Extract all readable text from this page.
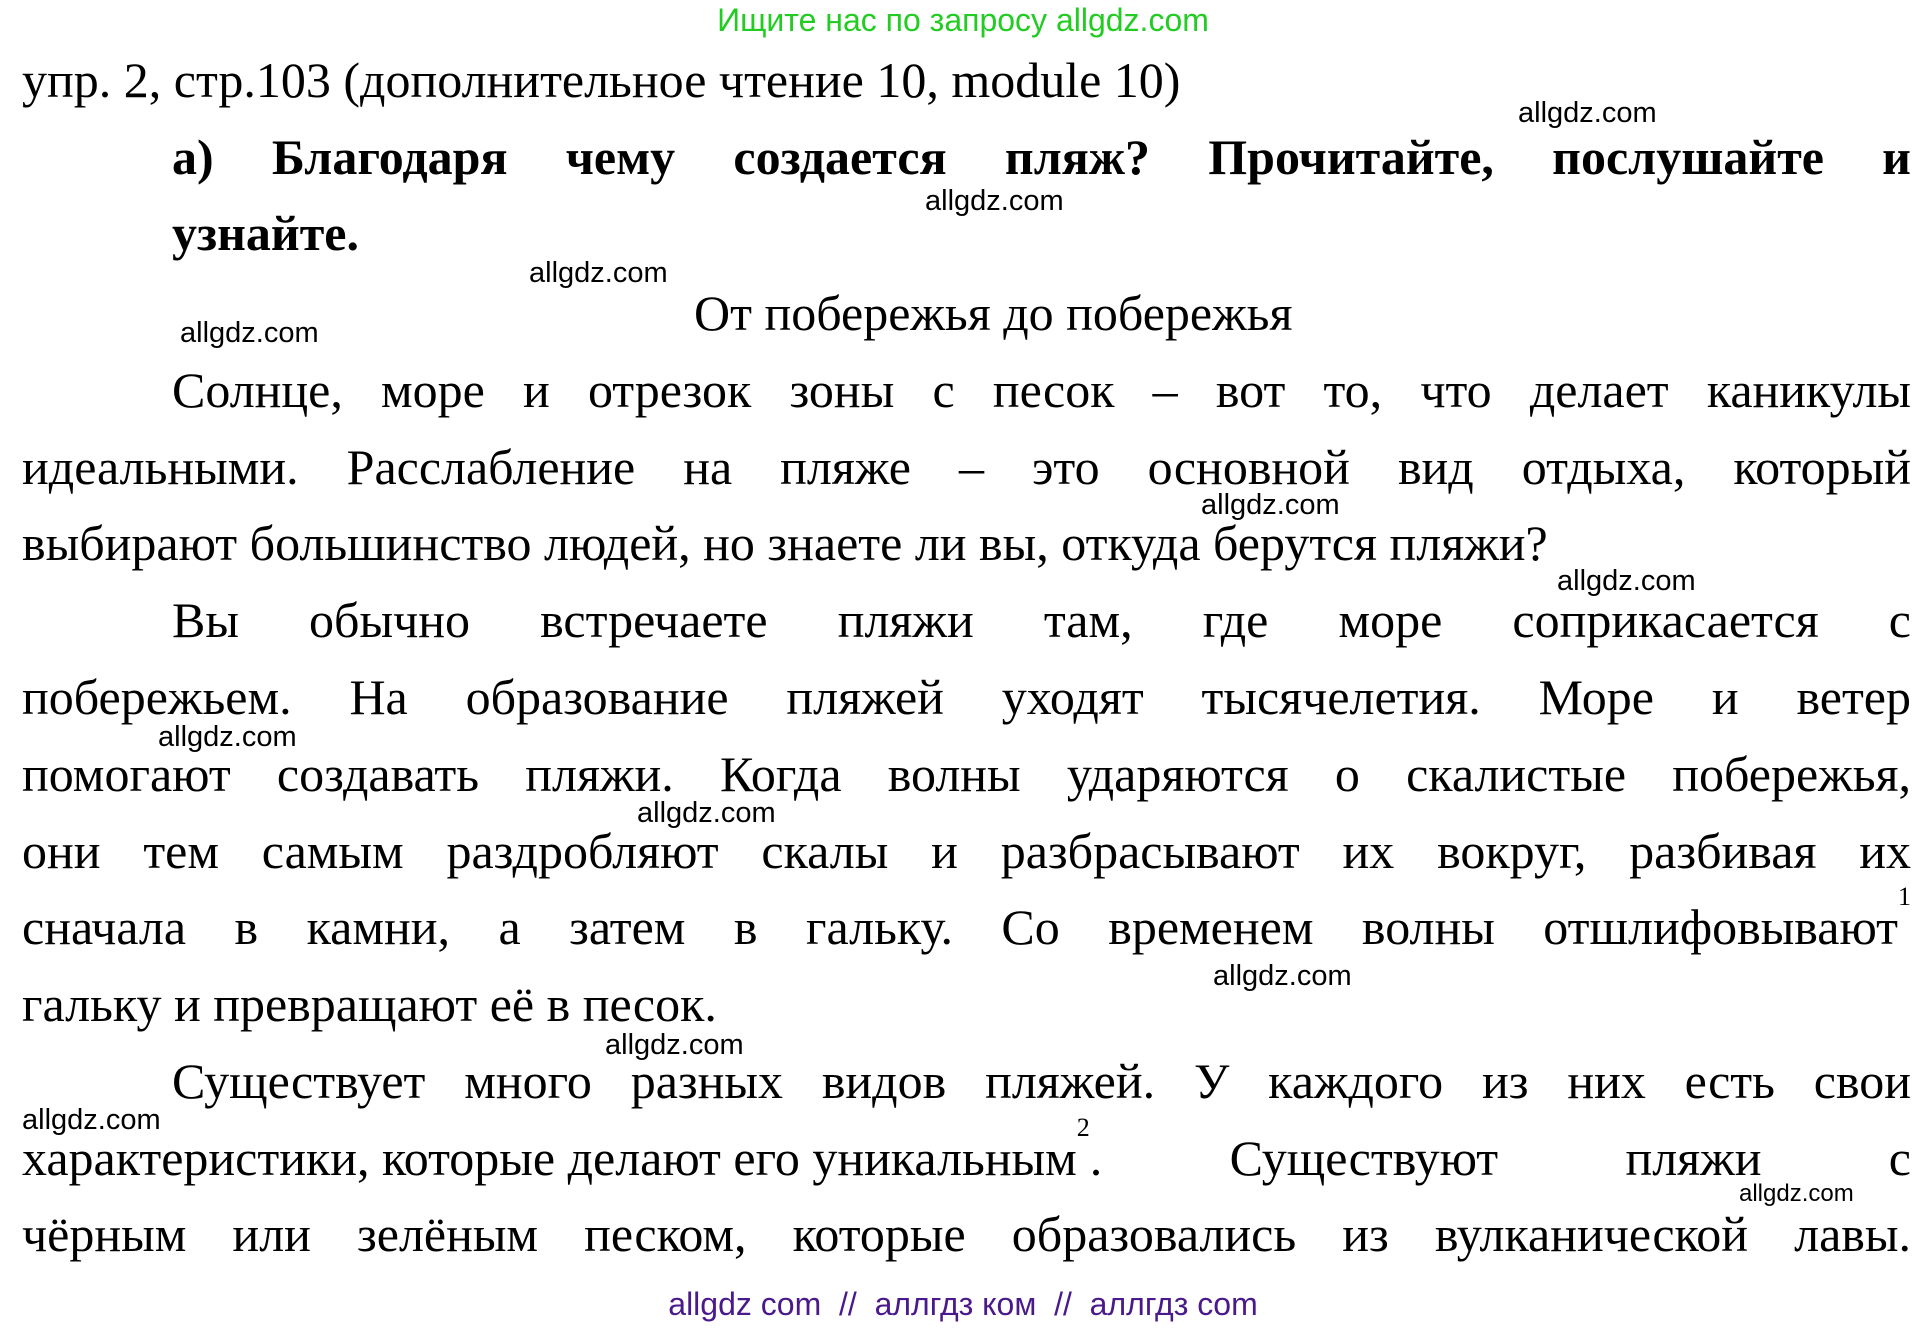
Ищите нас по запросу allgdz.com
упр. 2, стр.103 (дополнительное чтение 10, module 10)
а) Благодаря чему создается пляж? Прочитайте, послушайте и
узнайте.
От побережья до побережья
Солнце, море и отрезок зоны с песок – вот то, что делает каникулы
идеальными. Расслабление на пляже – это основной вид отдыха, который
выбирают большинство людей, но знаете ли вы, откуда берутся пляжи?
Вы обычно встречаете пляжи там, где море соприкасается с
побережьем. На образование пляжей уходят тысячелетия. Море и ветер
помогают создавать пляжи. Когда волны ударяются о скалистые побережья,
они тем самым раздробляют скалы и разбрасывают их вокруг, разбивая их
сначала в камни, а затем в гальку. Со временем волны отшлифовывают
1
гальку и превращают её в песок.
Существует много разных видов пляжей. У каждого из них есть свои
характеристики, которые делают его уникальным
2
. Существуют пляжи с
чёрным или зелёным песком, которые образовались из вулканической лавы.
allgdz.com
allgdz.com
allgdz.com
allgdz.com
allgdz.com
allgdz.com
allgdz.com
allgdz.com
allgdz.com
allgdz.com
allgdz.com
allgdz.com
allgdz com  //  аллгдз ком  //  аллгдз com
